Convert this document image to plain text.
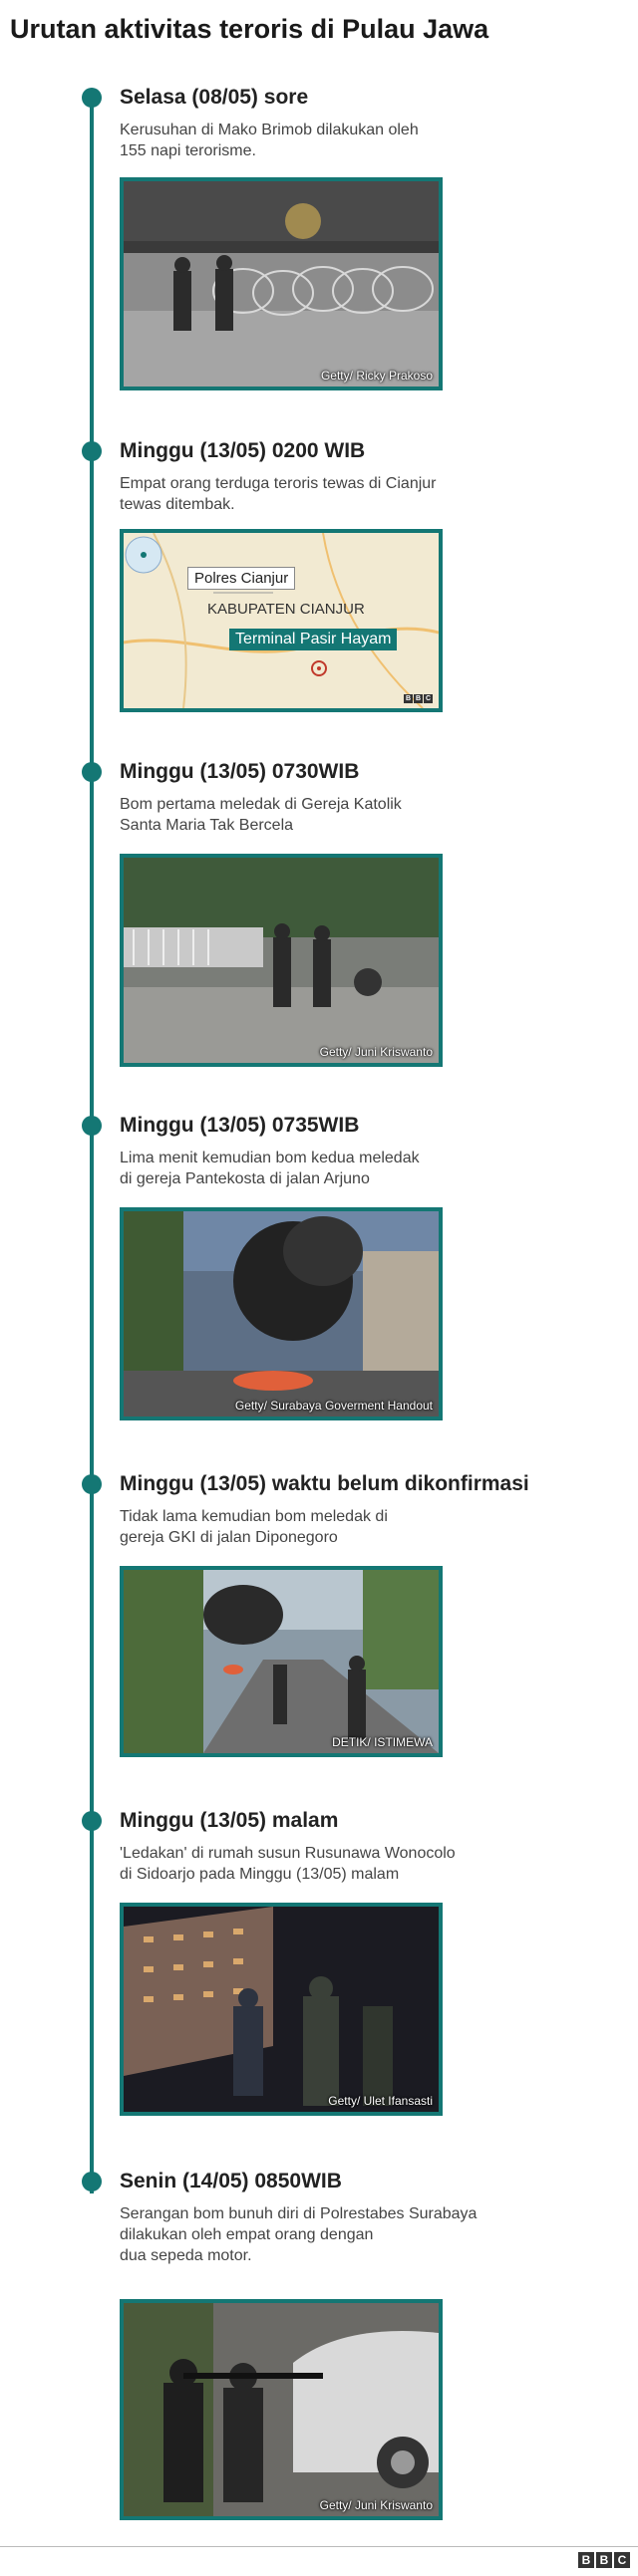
Urutan aktivitas teroris di Pulau Jawa
Selasa (08/05) sore

Kerusuhan di Mako Brimob dilakukan oleh
155 napi terorisme.

Getty/ Ricky Prakoso
Minggu (13/05) 0200 WIB

Empat orang terduga teroris tewas di Cianjur
tewas ditembak.

Polres Cianjur
KABUPATEN CIANJUR
Terminal Pasir Hayam
B B C
Minggu (13/05) 0730WIB

Bom pertama meledak di Gereja Katolik
Santa Maria Tak Bercela

Getty/ Juni Kriswanto
Minggu (13/05) 0735WIB

Lima menit kemudian bom kedua meledak
di gereja Pantekosta di jalan Arjuno

Getty/ Surabaya Goverment Handout
Minggu (13/05) waktu belum dikonfirmasi

Tidak lama kemudian bom meledak di
gereja GKI di jalan Diponegoro

DETIK/ ISTIMEWA
Minggu (13/05) malam

'Ledakan' di rumah susun Rusunawa Wonocolo
di Sidoarjo pada Minggu (13/05) malam

Getty/ Ulet Ifansasti
Senin (14/05) 0850WIB

Serangan bom bunuh diri di Polrestabes Surabaya
dilakukan oleh empat orang dengan
dua sepeda motor.

Getty/ Juni Kriswanto
B B C
